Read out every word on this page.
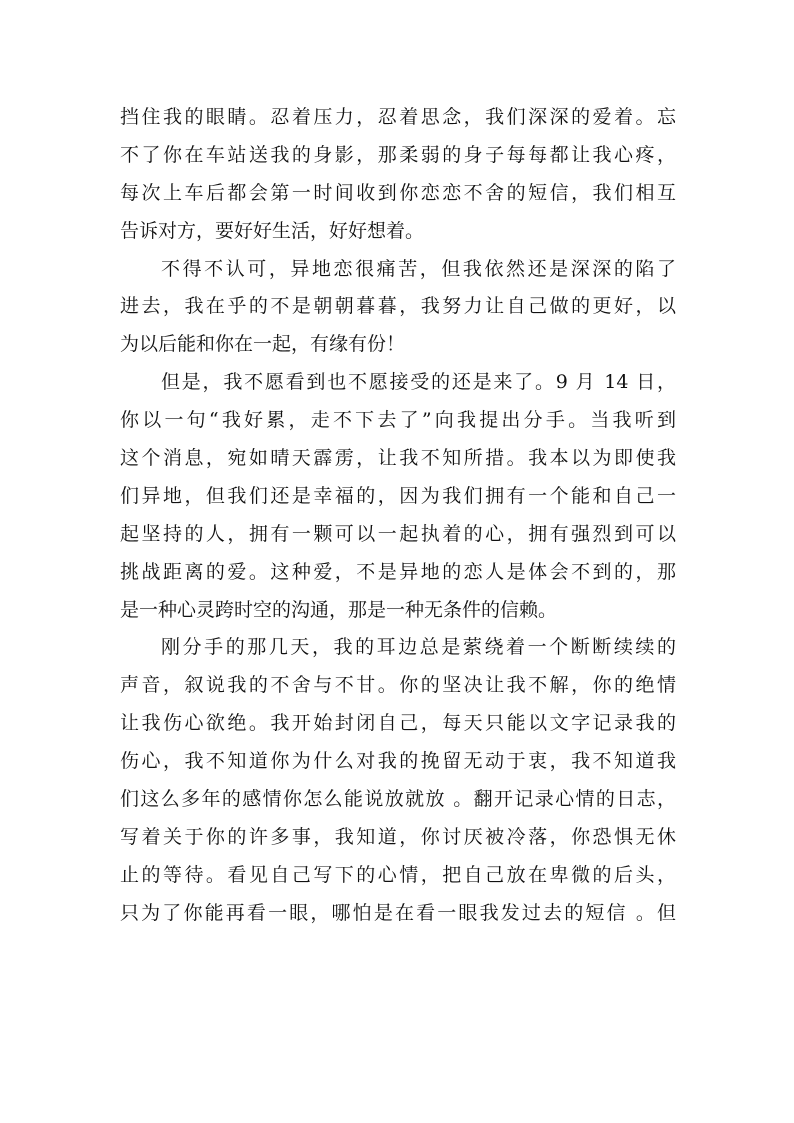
挡住我的眼睛。忍着压力，忍着思念，我们深深的爱着。忘
不了你在车站送我的身影，那柔弱的身子每每都让我心疼，
每次上车后都会第一时间收到你恋恋不舍的短信，我们相互
告诉对方，要好好生活，好好想着。
不得不认可，异地恋很痛苦，但我依然还是深深的陷了
进去，我在乎的不是朝朝暮暮，我努力让自己做的更好，以
为以后能和你在一起，有缘有份！
但是，我不愿看到也不愿接受的还是来了。9 月 14 日，
你以一句“我好累，走不下去了”向我提出分手。当我听到
这个消息，宛如晴天霹雳，让我不知所措。我本以为即使我
们异地，但我们还是幸福的，因为我们拥有一个能和自己一
起坚持的人，拥有一颗可以一起执着的心，拥有强烈到可以
挑战距离的爱。这种爱，不是异地的恋人是体会不到的，那
是一种心灵跨时空的沟通，那是一种无条件的信赖。
刚分手的那几天，我的耳边总是萦绕着一个断断续续的
声音，叙说我的不舍与不甘。你的坚决让我不解，你的绝情
让我伤心欲绝。我开始封闭自己，每天只能以文字记录我的
伤心，我不知道你为什么对我的挽留无动于衷，我不知道我
们这么多年的感情你怎么能说放就放 。翻开记录心情的日志，
写着关于你的许多事，我知道，你讨厌被冷落，你恐惧无休
止的等待。看见自己写下的心情，把自己放在卑微的后头，
只为了你能再看一眼，哪怕是在看一眼我发过去的短信 。但
